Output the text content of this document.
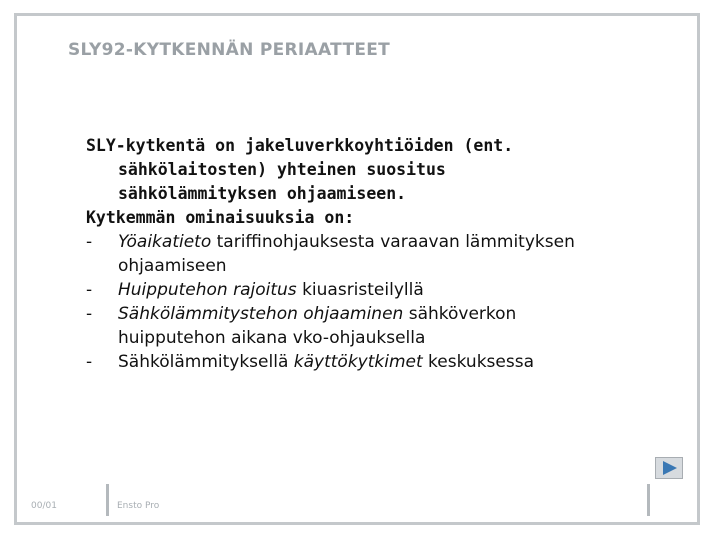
SLY92-KYTKENNÄN PERIAATTEET
SLY-kytkentä on jakeluverkkoyhtiöiden (ent.
sähkölaitosten) yhteinen suositus
sähkölämmityksen ohjaamiseen.
Kytkemmän ominaisuuksia on:
- Yöaikatieto tariffinohjauksesta varaavan lämmityksen
ohjaamiseen
- Huipputehon rajoitus kiuasristeilyllä
- Sähkölämmitystehon ohjaaminen sähköverkon
huipputehon aikana vko-ohjauksella
- Sähkölämmityksellä käyttökytkimet keskuksessa
00/01	Ensto Pro
